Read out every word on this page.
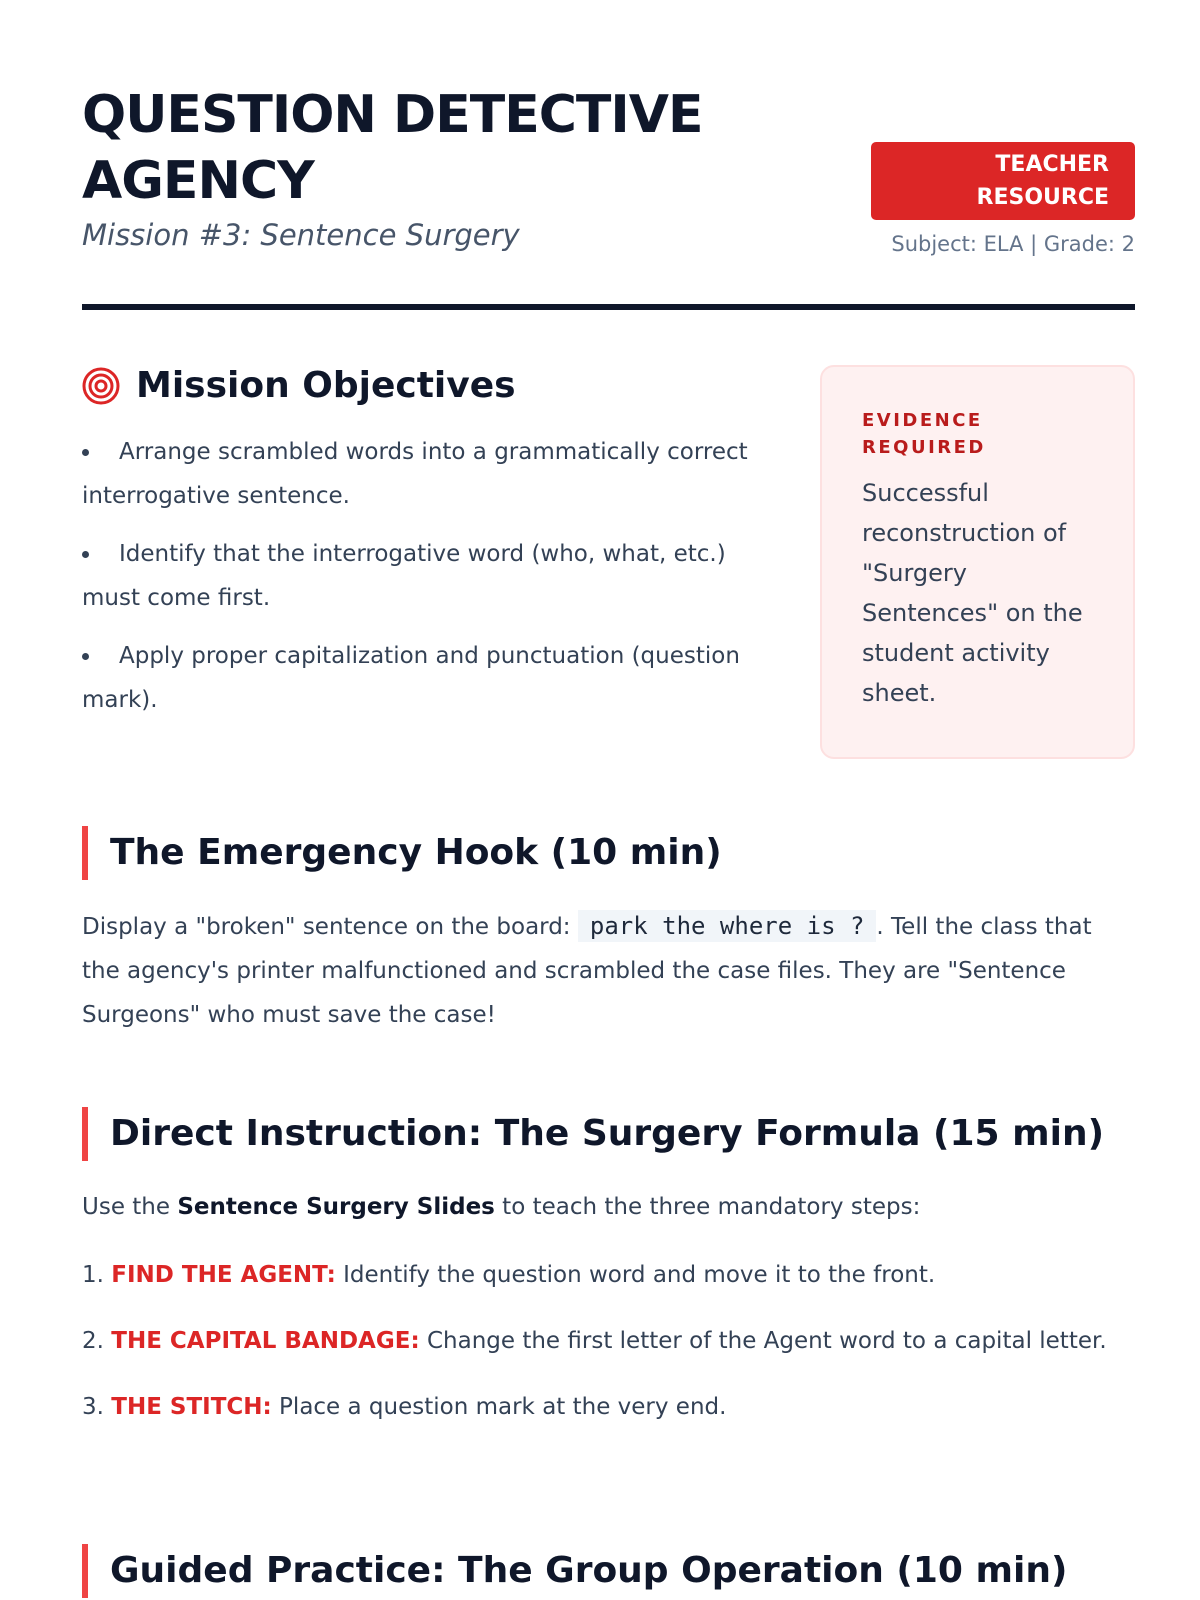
QUESTION DETECTIVE AGENCY
Mission #3: Sentence Surgery
TEACHER RESOURCE
Subject: ELA | Grade: 2
Mission Objectives
Arrange scrambled words into a grammatically correct interrogative sentence.
Identify that the interrogative word (who, what, etc.) must come first.
Apply proper capitalization and punctuation (question mark).
EVIDENCE REQUIRED
Successful reconstruction of "Surgery Sentences" on the student activity sheet.
The Emergency Hook (10 min)
Display a "broken" sentence on the board: park the where is ? . Tell the class that the agency's printer malfunctioned and scrambled the case files. They are "Sentence Surgeons" who must save the case!
Direct Instruction: The Surgery Formula (15 min)
Use the Sentence Surgery Slides to teach the three mandatory steps:
1. FIND THE AGENT: Identify the question word and move it to the front.
2. THE CAPITAL BANDAGE: Change the first letter of the Agent word to a capital letter.
3. THE STITCH: Place a question mark at the very end.
Guided Practice: The Group Operation (10 min)
